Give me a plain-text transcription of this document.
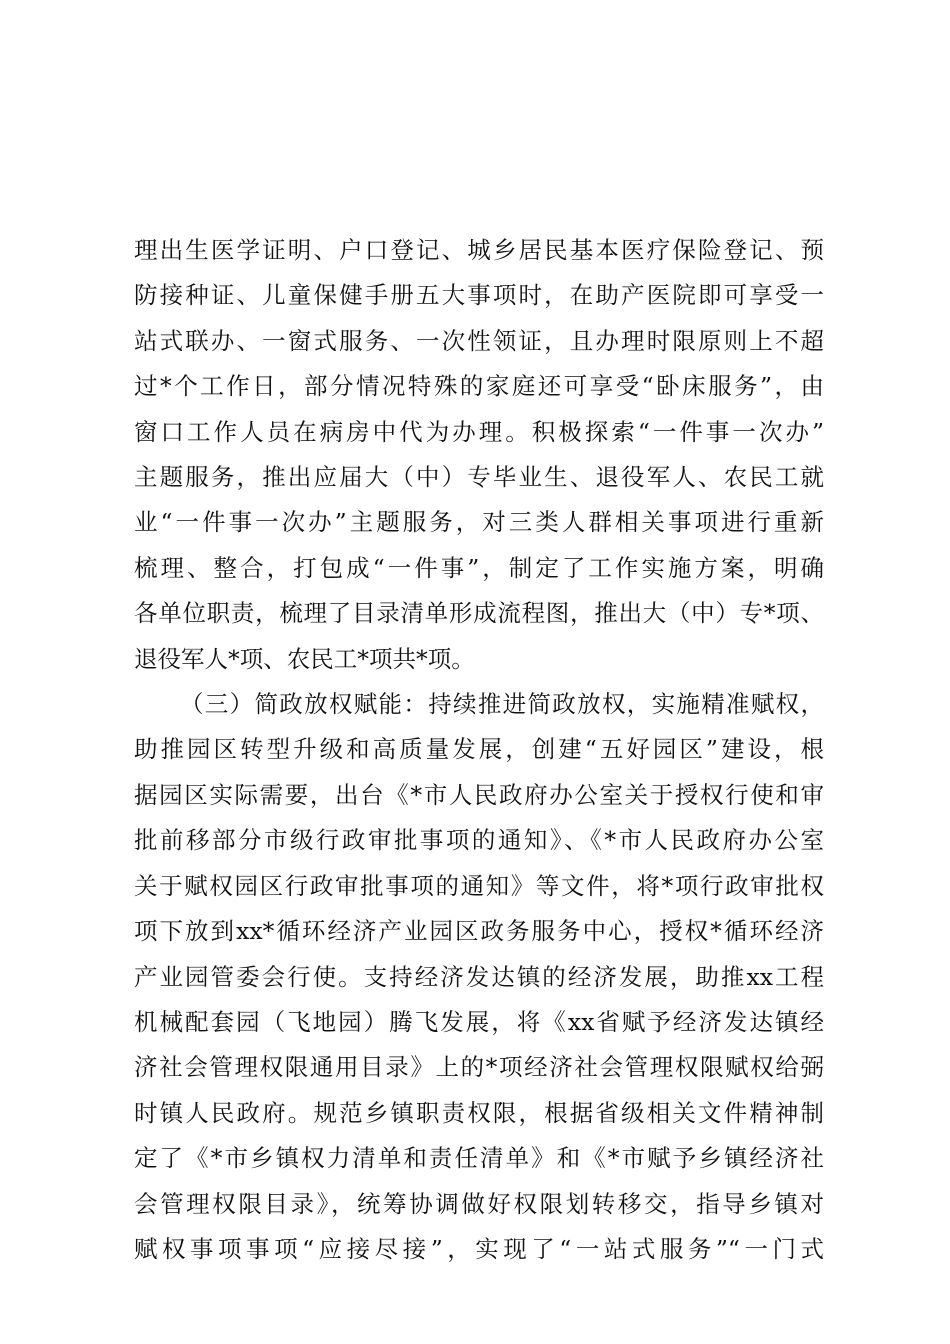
理出生医学证明、户口登记、城乡居民基本医疗保险登记、预
防接种证、儿童保健手册五大事项时，在助产医院即可享受一
站式联办、一窗式服务、一次性领证，且办理时限原则上不超
过*个工作日，部分情况特殊的家庭还可享受“卧床服务”，由
窗口工作人员在病房中代为办理。积极探索“一件事一次办”
主题服务，推出应届大（中）专毕业生、退役军人、农民工就
业“一件事一次办”主题服务，对三类人群相关事项进行重新
梳理、整合，打包成“一件事”，制定了工作实施方案，明确
各单位职责，梳理了目录清单形成流程图，推出大（中）专*项、
退役军人*项、农民工*项共*项。
（三）简政放权赋能：持续推进简政放权，实施精准赋权，
助推园区转型升级和高质量发展，创建“五好园区”建设，根
据园区实际需要，出台《*市人民政府办公室关于授权行使和审
批前移部分市级行政审批事项的通知》、《*市人民政府办公室
关于赋权园区行政审批事项的通知》等文件，将*项行政审批权
项下放到xx*循环经济产业园区政务服务中心，授权*循环经济
产业园管委会行使。支持经济发达镇的经济发展，助推xx工程
机械配套园（飞地园）腾飞发展，将《xx省赋予经济发达镇经
济社会管理权限通用目录》上的*项经济社会管理权限赋权给弼
时镇人民政府。规范乡镇职责权限，根据省级相关文件精神制
定了《*市乡镇权力清单和责任清单》和《*市赋予乡镇经济社
会管理权限目录》，统筹协调做好权限划转移交，指导乡镇对
赋权事项事项“应接尽接”，实现了“一站式服务”“一门式
